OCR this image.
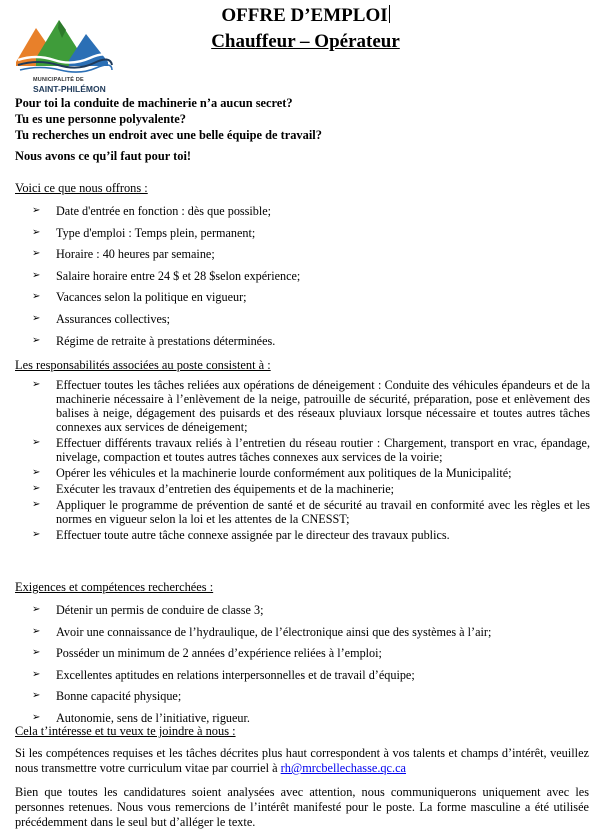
MUNICIPALITÉ DE
SAINT-PHILÉMON
OFFRE D’EMPLOI
Chauffeur – Opérateur
Pour toi la conduite de machinerie n’a aucun secret?
Tu es une personne polyvalente?
Tu recherches un endroit avec une belle équipe de travail?
Nous avons ce qu’il faut pour toi!
Voici ce que nous offrons :
➢ Date d'entrée en fonction : dès que possible;
➢ Type d'emploi : Temps plein, permanent;
➢ Horaire : 40 heures par semaine;
➢ Salaire horaire entre 24 $ et 28 $selon expérience;
➢ Vacances selon la politique en vigueur;
➢ Assurances collectives;
➢ Régime de retraite à prestations déterminées.
Les responsabilités associées au poste consistent à :
➢ Effectuer toutes les tâches reliées aux opérations de déneigement : Conduite des véhicules épandeurs et de la machinerie nécessaire à l’enlèvement de la neige, patrouille de sécurité, préparation, pose et enlèvement des balises à neige, dégagement des puisards et des réseaux pluviaux lorsque nécessaire et toutes autres tâches connexes aux services de déneigement;
➢ Effectuer différents travaux reliés à l’entretien du réseau routier : Chargement, transport en vrac, épandage, nivelage, compaction et toutes autres tâches connexes aux services de la voirie;
➢ Opérer les véhicules et la machinerie lourde conformément aux politiques de la Municipalité;
➢ Exécuter les travaux d’entretien des équipements et de la machinerie;
➢ Appliquer le programme de prévention de santé et de sécurité au travail en conformité avec les règles et les normes en vigueur selon la loi et les attentes de la CNESST;
➢ Effectuer toute autre tâche connexe assignée par le directeur des travaux publics.
Exigences et compétences recherchées :
➢ Détenir un permis de conduire de classe 3;
➢ Avoir une connaissance de l’hydraulique, de l’électronique ainsi que des systèmes à l’air;
➢ Posséder un minimum de 2 années d’expérience reliées à l’emploi;
➢ Excellentes aptitudes en relations interpersonnelles et de travail d’équipe;
➢ Bonne capacité physique;
➢ Autonomie, sens de l’initiative, rigueur.
Cela t’intéresse et tu veux te joindre à nous :
Si les compétences requises et les tâches décrites plus haut correspondent à vos talents et champs d’intérêt, veuillez nous transmettre votre curriculum vitae par courriel à rh@mrcbellechasse.qc.ca
Bien que toutes les candidatures soient analysées avec attention, nous communiquerons uniquement avec les personnes retenues. Nous vous remercions de l’intérêt manifesté pour le poste. La forme masculine a été utilisée précédemment dans le seul but d’alléger le texte.
